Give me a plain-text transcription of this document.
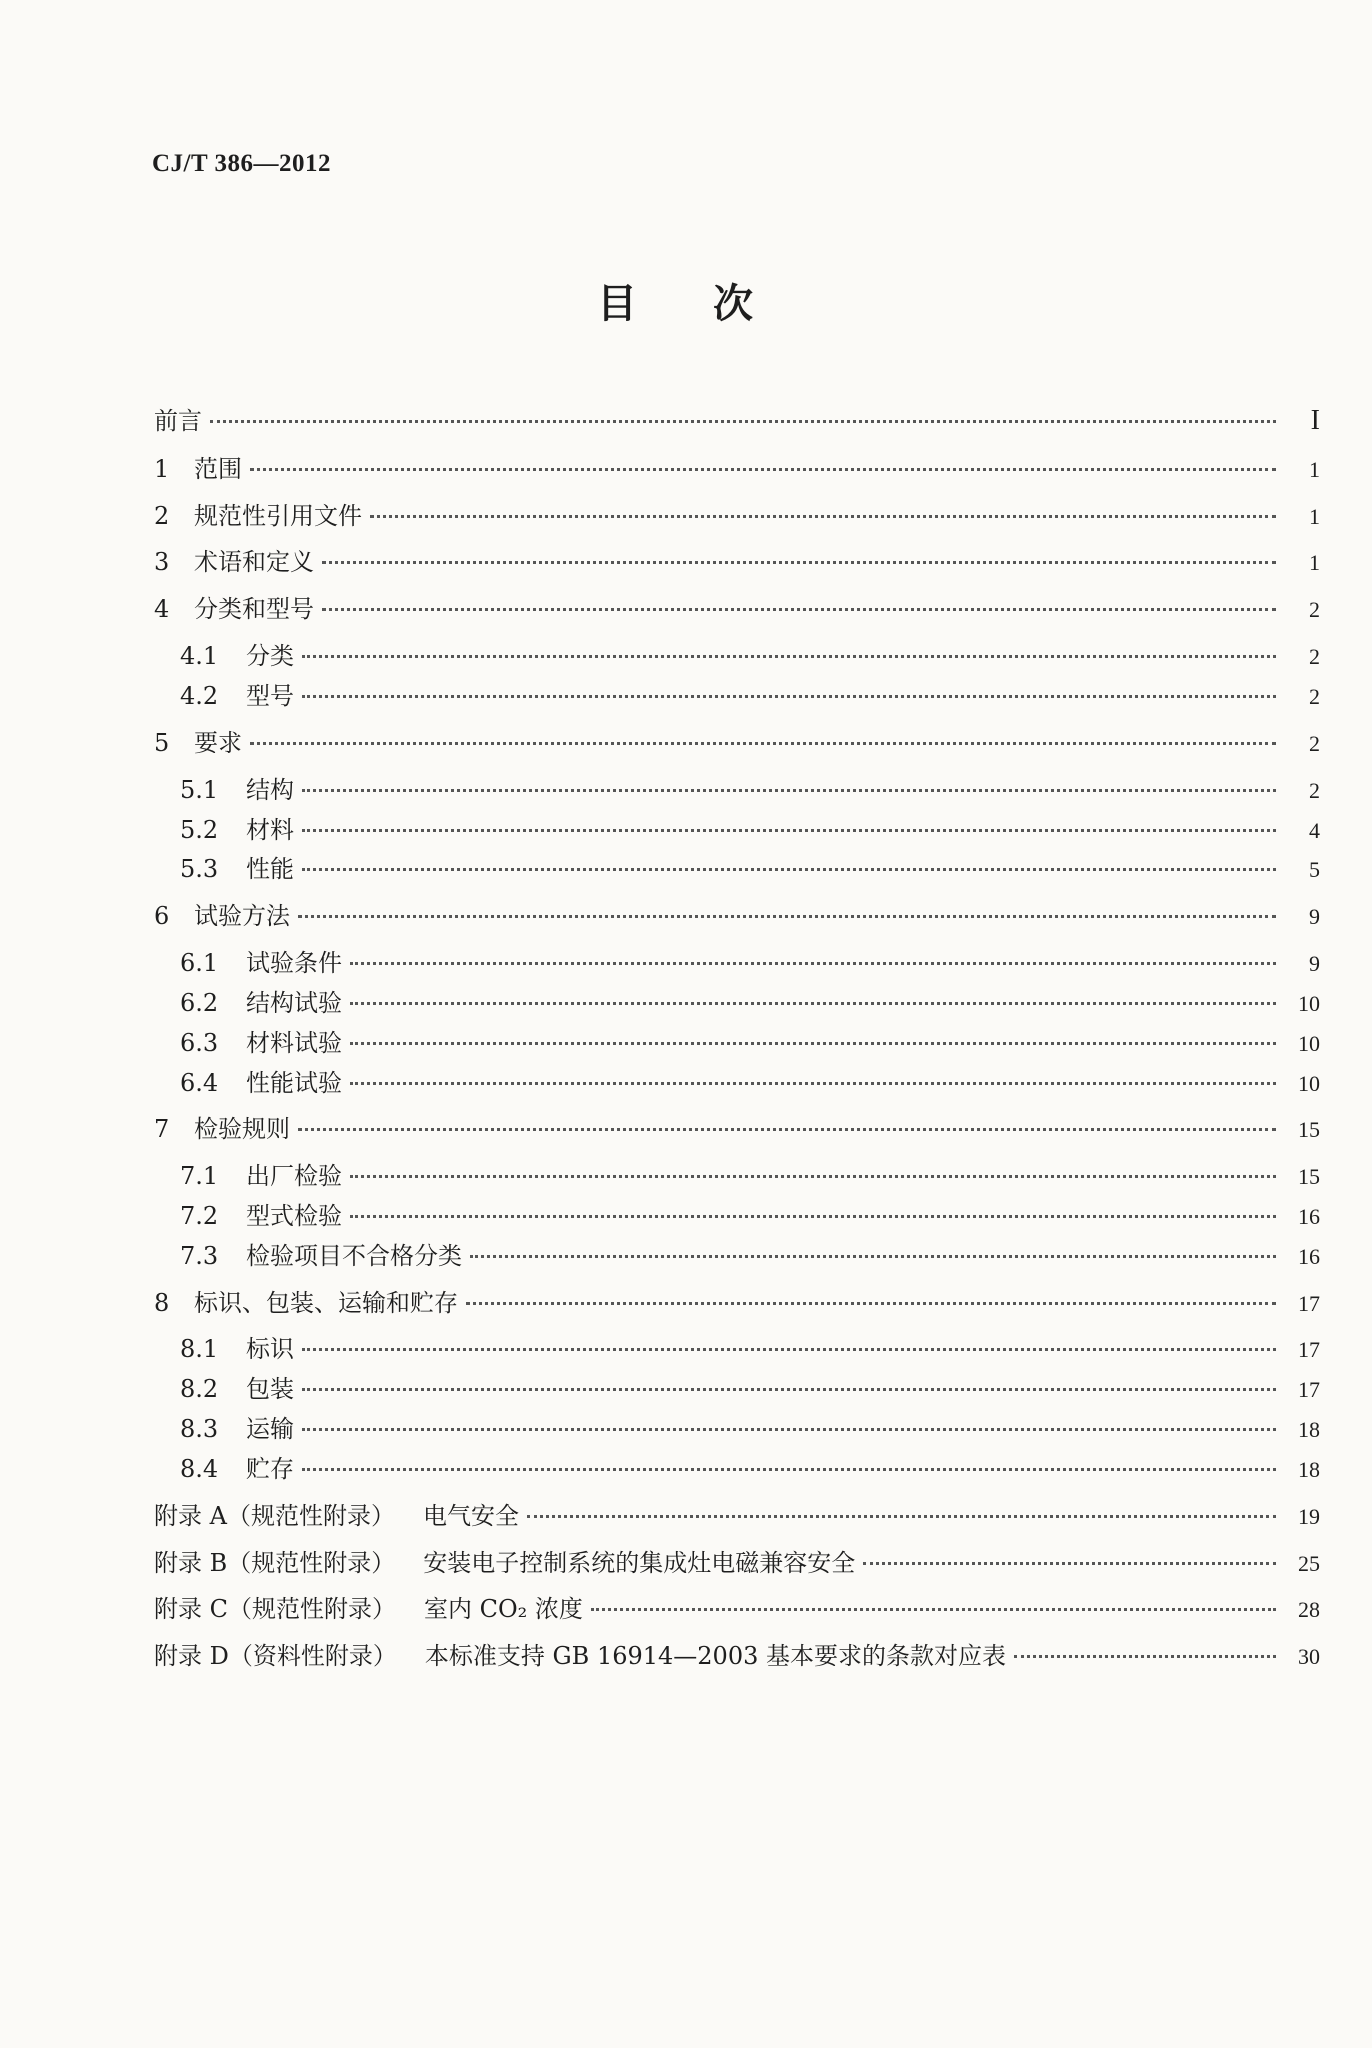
CJ/T 386—2012
目次
前言	I
1	范围	1
2	规范性引用文件	1
3	术语和定义	1
4	分类和型号	2
4.1	分类	2
4.2	型号	2
5	要求	2
5.1	结构	2
5.2	材料	4
5.3	性能	5
6	试验方法	9
6.1	试验条件	9
6.2	结构试验	10
6.3	材料试验	10
6.4	性能试验	10
7	检验规则	15
7.1	出厂检验	15
7.2	型式检验	16
7.3	检验项目不合格分类	16
8	标识、包装、运输和贮存	17
8.1	标识	17
8.2	包装	17
8.3	运输	18
8.4	贮存	18
附录 A（规范性附录） 电气安全	19
附录 B（规范性附录） 安装电子控制系统的集成灶电磁兼容安全	25
附录 C（规范性附录） 室内 CO₂ 浓度	28
附录 D（资料性附录） 本标准支持 GB 16914—2003 基本要求的条款对应表	30
